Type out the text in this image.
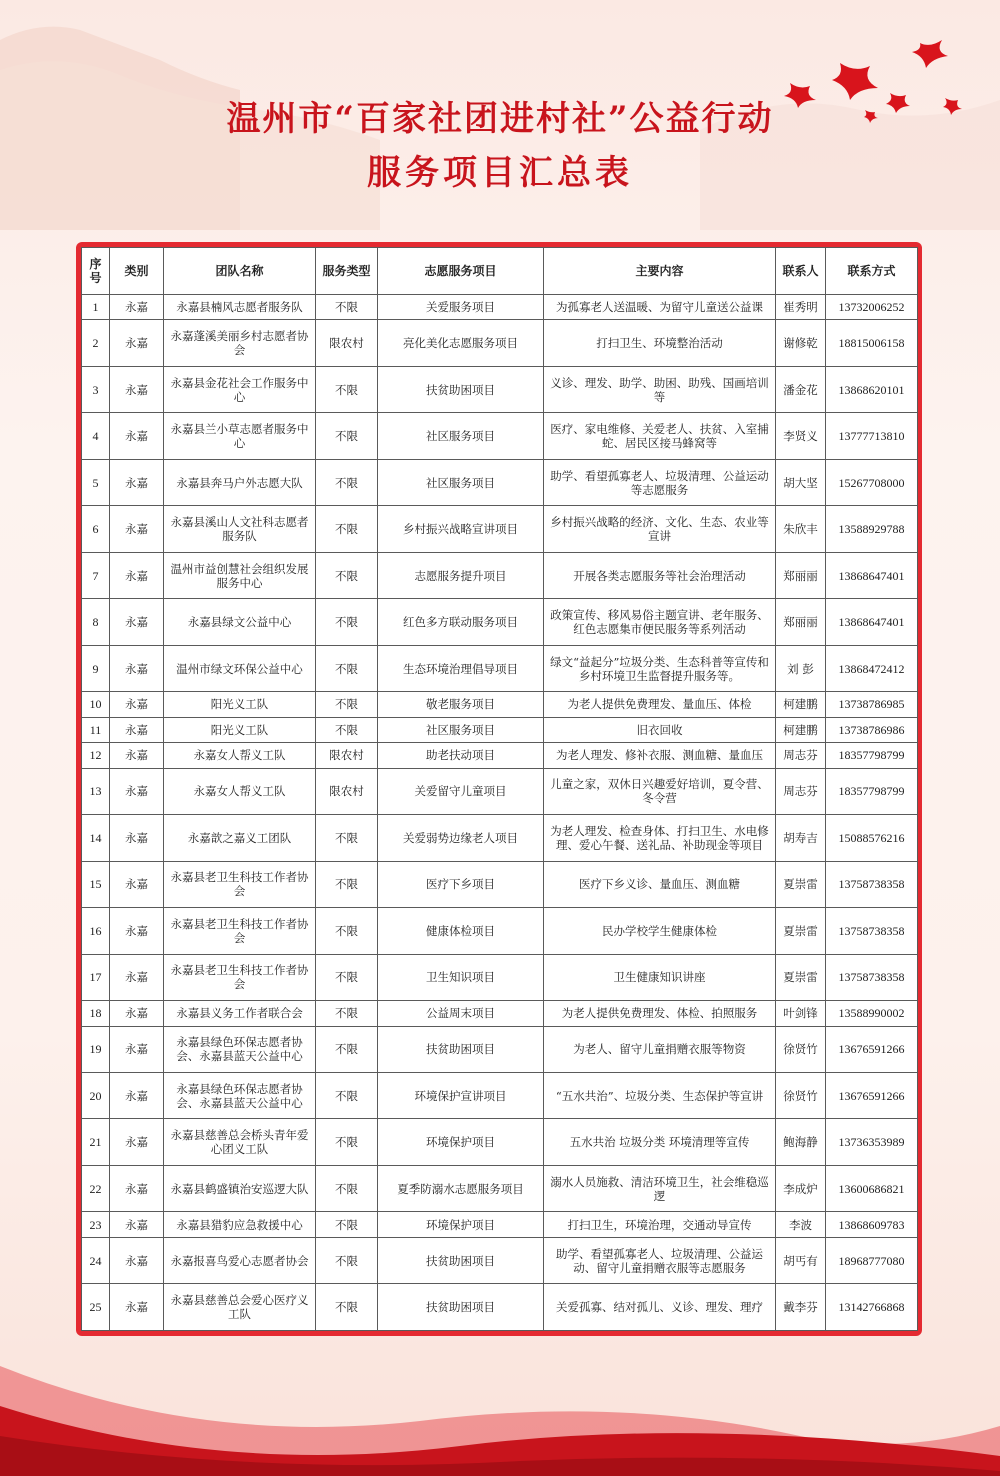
温州市“百家社团进村社”公益行动
服务项目汇总表
序号	类别	团队名称	服务类型	志愿服务项目	主要内容	联系人	联系方式
1	永嘉	永嘉县楠风志愿者服务队	不限	关爱服务项目	为孤寡老人送温暖、为留守儿童送公益课	崔秀明	13732006252
2	永嘉	永嘉蓬溪美丽乡村志愿者协会	限农村	亮化美化志愿服务项目	打扫卫生、环境整治活动	谢修乾	18815006158
3	永嘉	永嘉县金花社会工作服务中心	不限	扶贫助困项目	义诊、理发、助学、助困、助残、国画培训等	潘金花	13868620101
4	永嘉	永嘉县兰小草志愿者服务中心	不限	社区服务项目	医疗、家电维修、关爱老人、扶贫、入室捕蛇、居民区接马蜂窝等	李贤义	13777713810
5	永嘉	永嘉县奔马户外志愿大队	不限	社区服务项目	助学、看望孤寡老人、垃圾清理、公益运动等志愿服务	胡大坚	15267708000
6	永嘉	永嘉县溪山人文社科志愿者服务队	不限	乡村振兴战略宣讲项目	乡村振兴战略的经济、文化、生态、农业等宣讲	朱欣丰	13588929788
7	永嘉	温州市益创慧社会组织发展服务中心	不限	志愿服务提升项目	开展各类志愿服务等社会治理活动	郑丽丽	13868647401
8	永嘉	永嘉县绿文公益中心	不限	红色多方联动服务项目	政策宣传、移风易俗主题宣讲、老年服务、红色志愿集市便民服务等系列活动	郑丽丽	13868647401
9	永嘉	温州市绿文环保公益中心	不限	生态环境治理倡导项目	绿文“益起分”垃圾分类、生态科普等宣传和乡村环境卫生监督提升服务等。	刘 彭	13868472412
10	永嘉	阳光义工队	不限	敬老服务项目	为老人提供免费理发、量血压、体检	柯建鹏	13738786985
11	永嘉	阳光义工队	不限	社区服务项目	旧衣回收	柯建鹏	13738786986
12	永嘉	永嘉女人帮义工队	限农村	助老扶动项目	为老人理发、修补衣服、测血糖、量血压	周志芬	18357798799
13	永嘉	永嘉女人帮义工队	限农村	关爱留守儿童项目	儿童之家，双休日兴趣爱好培训，夏令营、冬令营	周志芬	18357798799
14	永嘉	永嘉歆之嘉义工团队	不限	关爱弱势边缘老人项目	为老人理发、检查身体、打扫卫生、水电修理、爱心午餐、送礼品、补助现金等项目	胡寿吉	15088576216
15	永嘉	永嘉县老卫生科技工作者协会	不限	医疗下乡项目	医疗下乡义诊、量血压、测血糖	夏崇雷	13758738358
16	永嘉	永嘉县老卫生科技工作者协会	不限	健康体检项目	民办学校学生健康体检	夏崇雷	13758738358
17	永嘉	永嘉县老卫生科技工作者协会	不限	卫生知识项目	卫生健康知识讲座	夏崇雷	13758738358
18	永嘉	永嘉县义务工作者联合会	不限	公益周末项目	为老人提供免费理发、体检、拍照服务	叶剑锋	13588990002
19	永嘉	永嘉县绿色环保志愿者协会、永嘉县蓝天公益中心	不限	扶贫助困项目	为老人、留守儿童捐赠衣服等物资	徐贤竹	13676591266
20	永嘉	永嘉县绿色环保志愿者协会、永嘉县蓝天公益中心	不限	环境保护宣讲项目	“五水共治”、垃圾分类、生态保护等宣讲	徐贤竹	13676591266
21	永嘉	永嘉县慈善总会桥头青年爱心团义工队	不限	环境保护项目	五水共治 垃圾分类 环境清理等宣传	鲍海静	13736353989
22	永嘉	永嘉县鹤盛镇治安巡逻大队	不限	夏季防溺水志愿服务项目	溺水人员施救、清洁环境卫生，社会维稳巡逻	李成炉	13600686821
23	永嘉	永嘉县猎豹应急救援中心	不限	环境保护项目	打扫卫生，环境治理，交通动导宣传	李波	13868609783
24	永嘉	永嘉报喜鸟爱心志愿者协会	不限	扶贫助困项目	助学、看望孤寡老人、垃圾清理、公益运动、留守儿童捐赠衣服等志愿服务	胡丐有	18968777080
25	永嘉	永嘉县慈善总会爱心医疗义工队	不限	扶贫助困项目	关爱孤寡、结对孤儿、义诊、理发、理疗	戴李芬	13142766868
